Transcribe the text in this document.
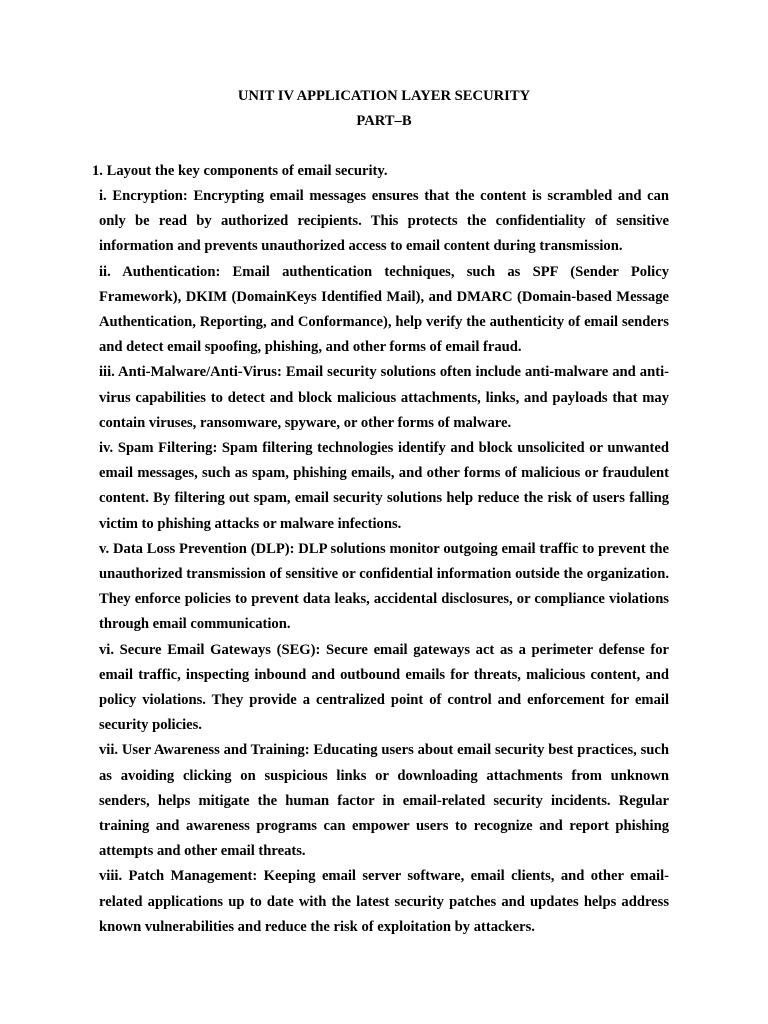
UNIT IV APPLICATION LAYER SECURITY
PART–B
1. Layout the key components of email security.
i. Encryption: Encrypting email messages ensures that the content is scrambled and can only be read by authorized recipients. This protects the confidentiality of sensitive information and prevents unauthorized access to email content during transmission.
ii. Authentication: Email authentication techniques, such as SPF (Sender Policy Framework), DKIM (DomainKeys Identified Mail), and DMARC (Domain-based Message Authentication, Reporting, and Conformance), help verify the authenticity of email senders and detect email spoofing, phishing, and other forms of email fraud.
iii. Anti-Malware/Anti-Virus: Email security solutions often include anti-malware and anti-virus capabilities to detect and block malicious attachments, links, and payloads that may contain viruses, ransomware, spyware, or other forms of malware.
iv. Spam Filtering: Spam filtering technologies identify and block unsolicited or unwanted email messages, such as spam, phishing emails, and other forms of malicious or fraudulent content. By filtering out spam, email security solutions help reduce the risk of users falling victim to phishing attacks or malware infections.
v. Data Loss Prevention (DLP): DLP solutions monitor outgoing email traffic to prevent the unauthorized transmission of sensitive or confidential information outside the organization. They enforce policies to prevent data leaks, accidental disclosures, or compliance violations through email communication.
vi. Secure Email Gateways (SEG): Secure email gateways act as a perimeter defense for email traffic, inspecting inbound and outbound emails for threats, malicious content, and policy violations. They provide a centralized point of control and enforcement for email security policies.
vii. User Awareness and Training: Educating users about email security best practices, such as avoiding clicking on suspicious links or downloading attachments from unknown senders, helps mitigate the human factor in email-related security incidents. Regular training and awareness programs can empower users to recognize and report phishing attempts and other email threats.
viii. Patch Management: Keeping email server software, email clients, and other email-related applications up to date with the latest security patches and updates helps address known vulnerabilities and reduce the risk of exploitation by attackers.
